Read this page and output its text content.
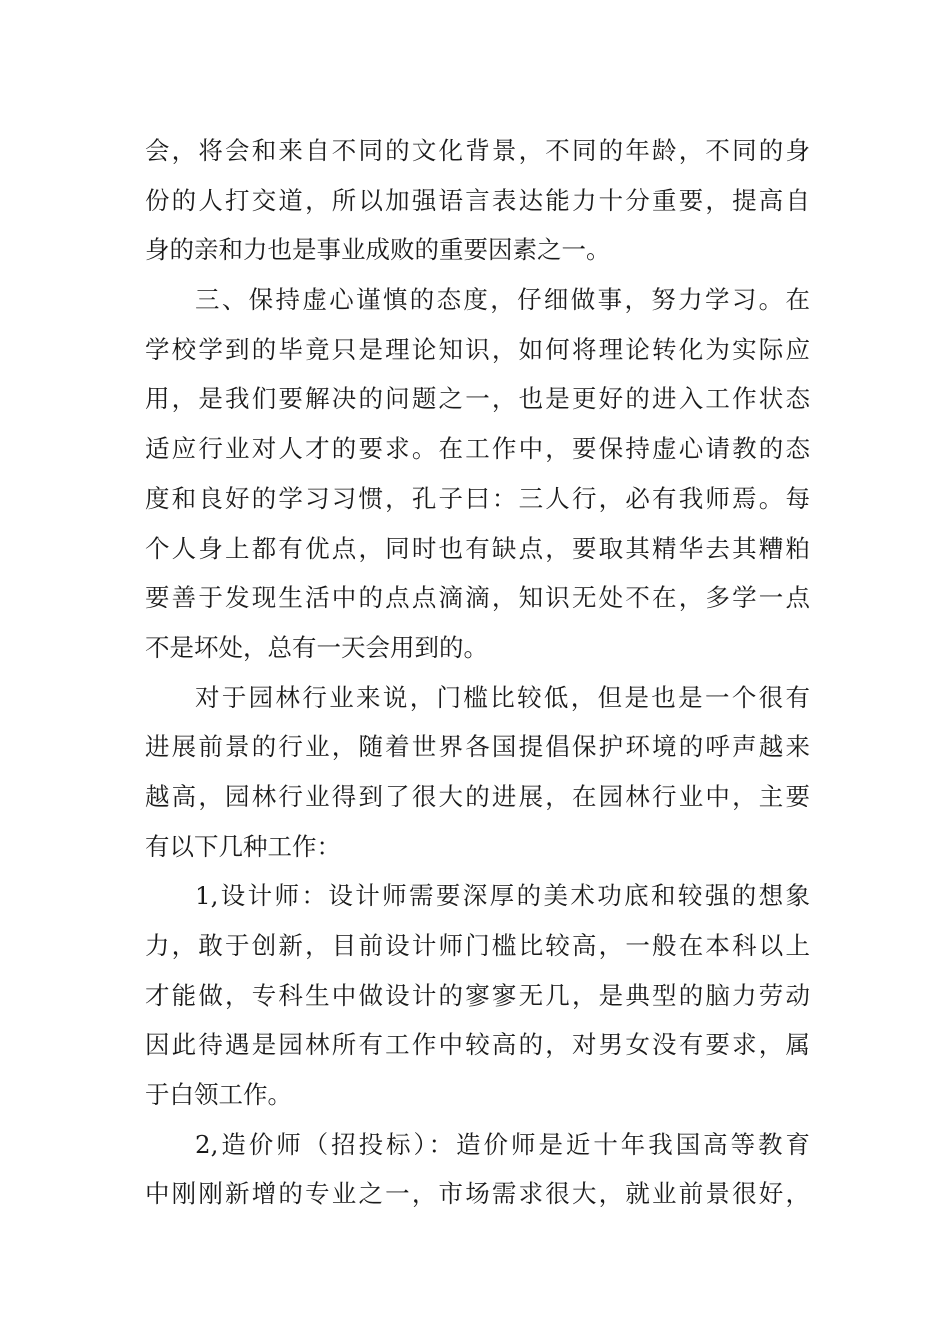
会，将会和来自不同的文化背景，不同的年龄，不同的身
份的人打交道，所以加强语言表达能力十分重要，提高自
身的亲和力也是事业成败的重要因素之一。
三、保持虚心谨慎的态度，仔细做事，努力学习。在
学校学到的毕竟只是理论知识，如何将理论转化为实际应
用，是我们要解决的问题之一，也是更好的进入工作状态
适应行业对人才的要求。在工作中，要保持虚心请教的态
度和良好的学习习惯，孔子曰：三人行，必有我师焉。每
个人身上都有优点，同时也有缺点，要取其精华去其糟粕
要善于发现生活中的点点滴滴，知识无处不在，多学一点
不是坏处，总有一天会用到的。
对于园林行业来说，门槛比较低，但是也是一个很有
进展前景的行业，随着世界各国提倡保护环境的呼声越来
越高，园林行业得到了很大的进展，在园林行业中，主要
有以下几种工作：
1,设计师：设计师需要深厚的美术功底和较强的想象
力，敢于创新，目前设计师门槛比较高，一般在本科以上
才能做，专科生中做设计的寥寥无几，是典型的脑力劳动
因此待遇是园林所有工作中较高的，对男女没有要求，属
于白领工作。
2,造价师（招投标）：造价师是近十年我国高等教育
中刚刚新增的专业之一，市场需求很大，就业前景很好，
